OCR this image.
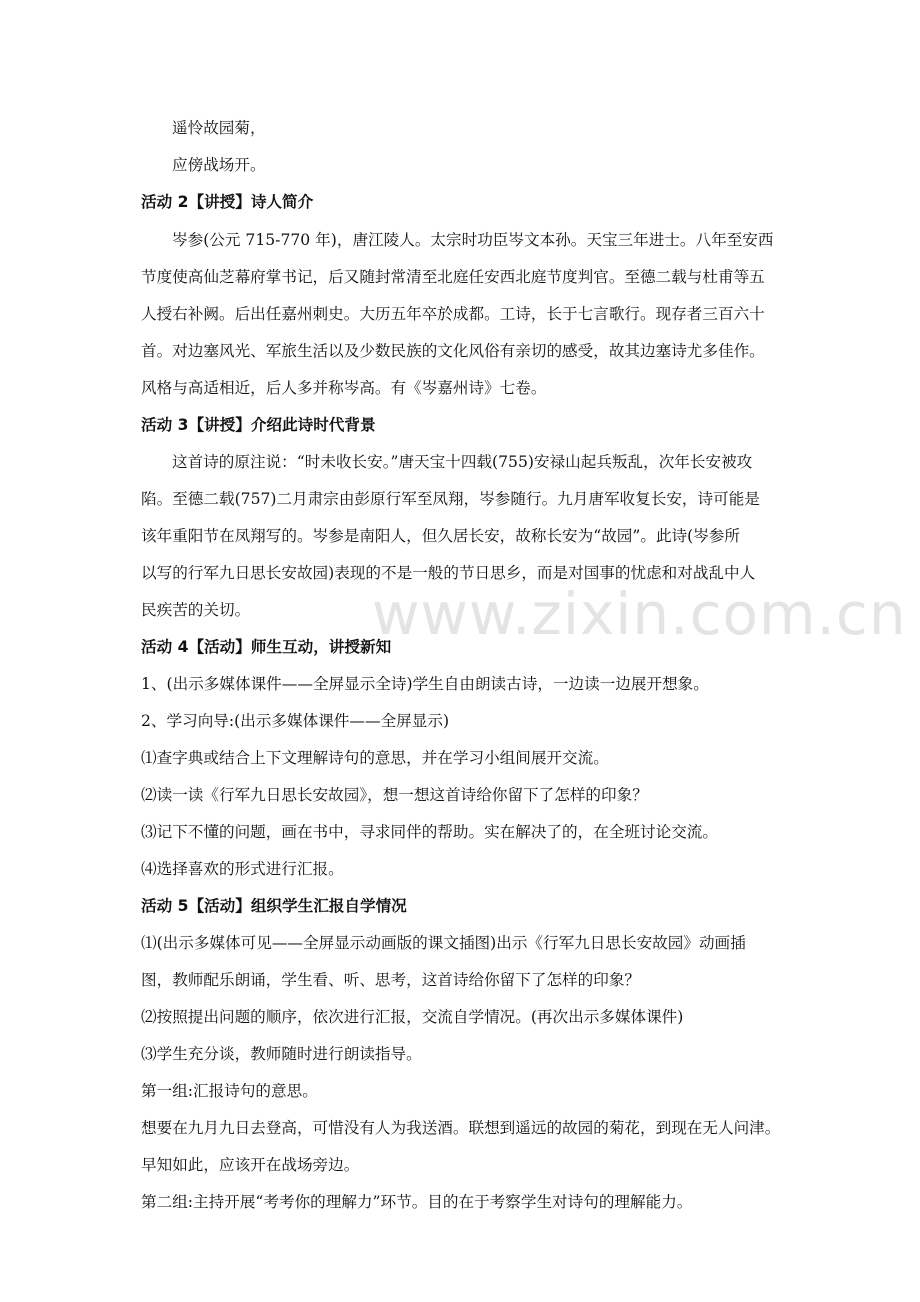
www.zixin.com.cn
遥怜故园菊，
应傍战场开。
活动 2【讲授】诗人简介
岑参(公元 715-770 年)，唐江陵人。太宗时功臣岑文本孙。天宝三年进士。八年至安西
节度使高仙芝幕府掌书记，后又随封常清至北庭任安西北庭节度判官。至德二载与杜甫等五
人授右补阙。后出任嘉州刺史。大历五年卒於成都。工诗，长于七言歌行。现存者三百六十
首。对边塞风光、军旅生活以及少数民族的文化风俗有亲切的感受，故其边塞诗尤多佳作。
风格与高适相近，后人多并称岑高。有《岑嘉州诗》七卷。
活动 3【讲授】介绍此诗时代背景
这首诗的原注说：“时未收长安。”唐天宝十四载(755)安禄山起兵叛乱，次年长安被攻
陷。至德二载(757)二月肃宗由彭原行军至凤翔，岑参随行。九月唐军收复长安，诗可能是
该年重阳节在凤翔写的。岑参是南阳人，但久居长安，故称长安为“故园”。此诗(岑参所
以写的行军九日思长安故园)表现的不是一般的节日思乡，而是对国事的忧虑和对战乱中人
民疾苦的关切。
活动 4【活动】师生互动，讲授新知
1、(出示多媒体课件——全屏显示全诗)学生自由朗读古诗，一边读一边展开想象。
2、学习向导:(出示多媒体课件——全屏显示)
⑴查字典或结合上下文理解诗句的意思，并在学习小组间展开交流。
⑵读一读《行军九日思长安故园》，想一想这首诗给你留下了怎样的印象？
⑶记下不懂的问题，画在书中，寻求同伴的帮助。实在解决了的，在全班讨论交流。
⑷选择喜欢的形式进行汇报。
活动 5【活动】组织学生汇报自学情况
⑴(出示多媒体可见——全屏显示动画版的课文插图)出示《行军九日思长安故园》动画插
图，教师配乐朗诵，学生看、听、思考，这首诗给你留下了怎样的印象？
⑵按照提出问题的顺序，依次进行汇报，交流自学情况。(再次出示多媒体课件)
⑶学生充分谈，教师随时进行朗读指导。
第一组:汇报诗句的意思。
想要在九月九日去登高，可惜没有人为我送酒。联想到遥远的故园的菊花，到现在无人问津。
早知如此，应该开在战场旁边。
第二组:主持开展“考考你的理解力”环节。目的在于考察学生对诗句的理解能力。
